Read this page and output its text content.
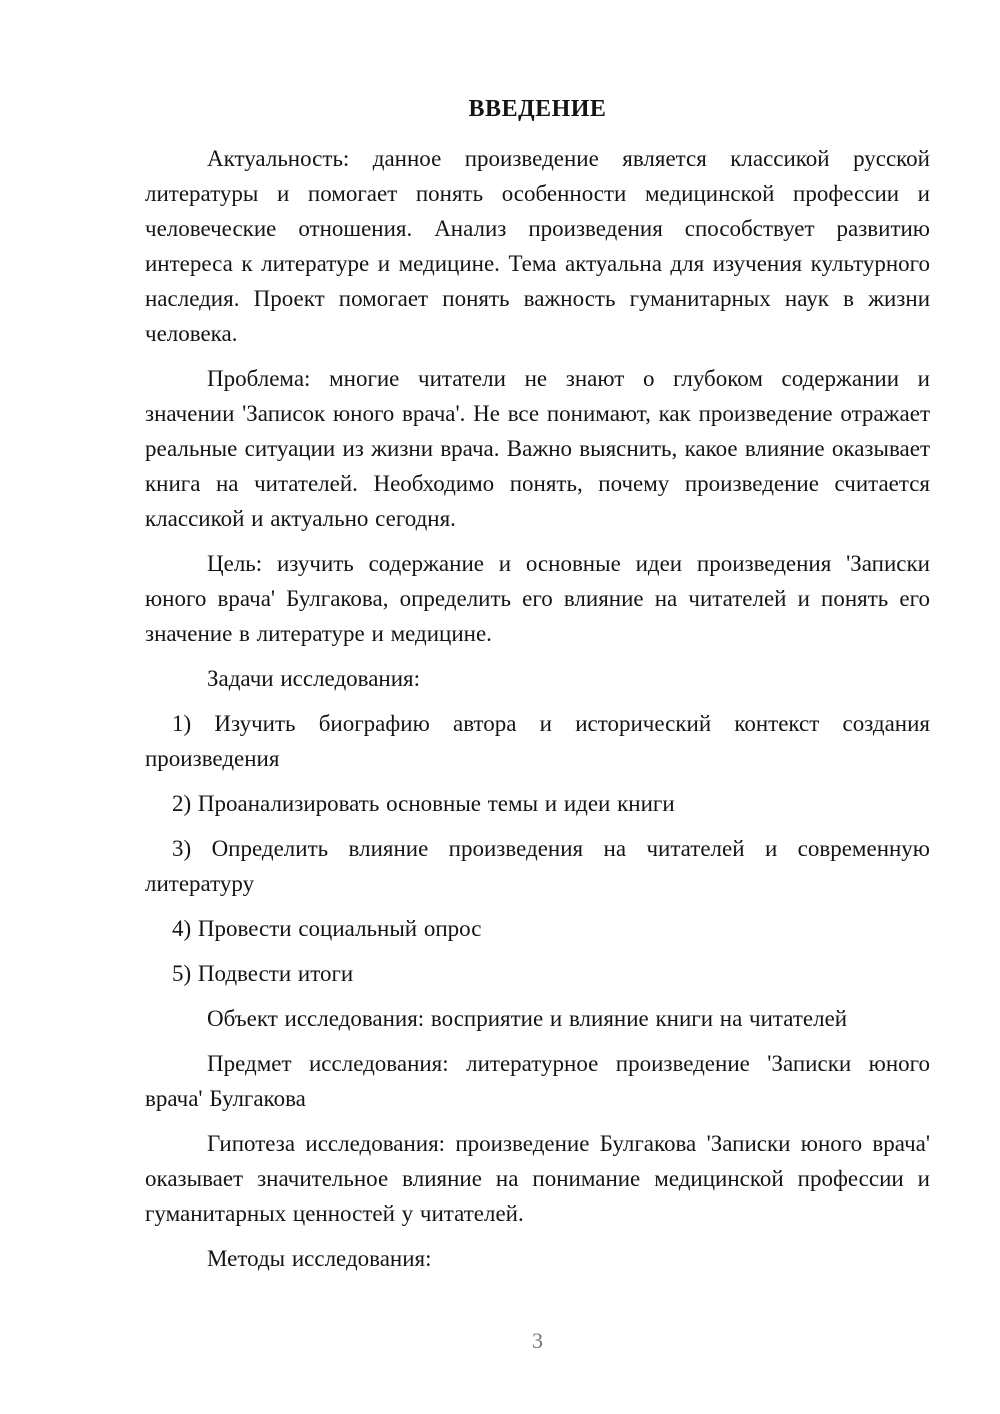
ВВЕДЕНИЕ

Актуальность: данное произведение является классикой русской литературы и помогает понять особенности медицинской профессии и человеческие отношения. Анализ произведения способствует развитию интереса к литературе и медицине. Тема актуальна для изучения культурного наследия. Проект помогает понять важность гуманитарных наук в жизни человека.

Проблема: многие читатели не знают о глубоком содержании и значении 'Записок юного врача'. Не все понимают, как произведение отражает реальные ситуации из жизни врача. Важно выяснить, какое влияние оказывает книга на читателей. Необходимо понять, почему произведение считается классикой и актуально сегодня.

Цель: изучить содержание и основные идеи произведения 'Записки юного врача' Булгакова, определить его влияние на читателей и понять его значение в литературе и медицине.

Задачи исследования:

1) Изучить биографию автора и исторический контекст создания произведения

2) Проанализировать основные темы и идеи книги

3) Определить влияние произведения на читателей и современную литературу

4) Провести социальный опрос

5) Подвести итоги

Объект исследования: восприятие и влияние книги на читателей

Предмет исследования: литературное произведение 'Записки юного врача' Булгакова

Гипотеза исследования: произведение Булгакова 'Записки юного врача' оказывает значительное влияние на понимание медицинской профессии и гуманитарных ценностей у читателей.

Методы исследования:

3
